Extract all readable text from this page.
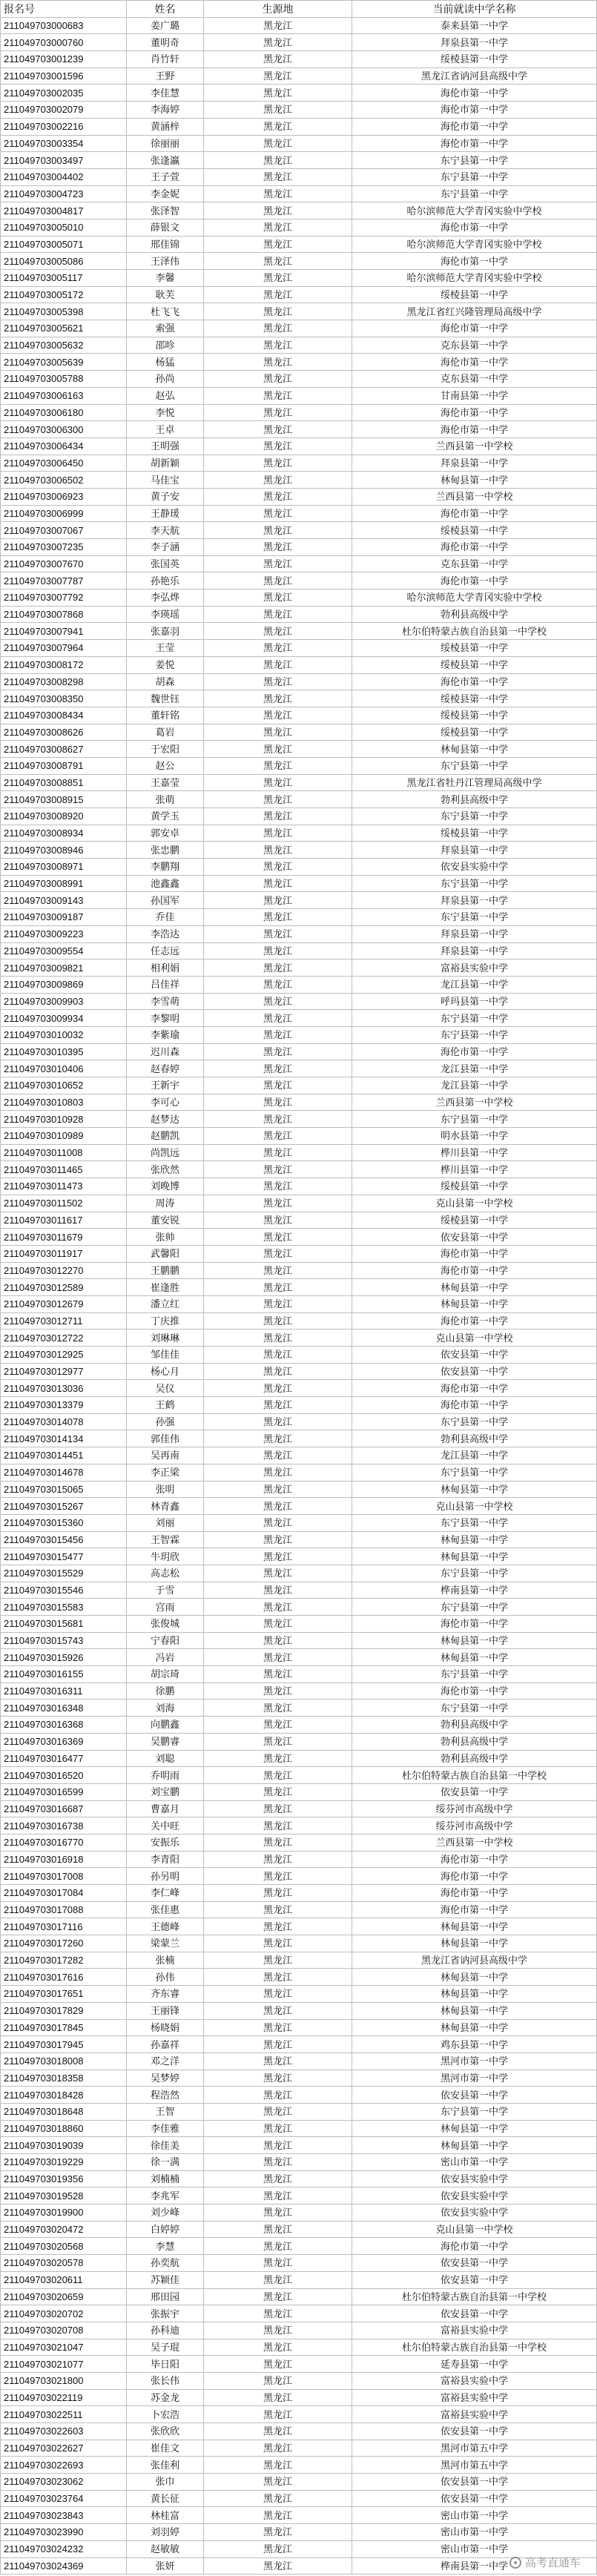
报名号	姓名	生源地	当前就读中学名称
211049703000683	姜广璐	黑龙江	泰来县第一中学
211049703000760	董明奇	黑龙江	拜泉县第一中学
211049703001239	肖竹轩	黑龙江	绥棱县第一中学
211049703001596	王野	黑龙江	黑龙江省讷河县高级中学
211049703002035	李佳慧	黑龙江	海伦市第一中学
211049703002079	李海婷	黑龙江	海伦市第一中学
211049703002216	黄涵梓	黑龙江	海伦市第一中学
211049703003354	徐丽丽	黑龙江	海伦市第一中学
211049703003497	张逢瀛	黑龙江	东宁县第一中学
211049703004402	王子萱	黑龙江	东宁县第一中学
211049703004723	李金妮	黑龙江	东宁县第一中学
211049703004817	张泽智	黑龙江	哈尔滨师范大学青冈实验中学校
211049703005010	薛银文	黑龙江	海伦市第一中学
211049703005071	邢佳锦	黑龙江	哈尔滨师范大学青冈实验中学校
211049703005086	王泽伟	黑龙江	海伦市第一中学
211049703005117	李馨	黑龙江	哈尔滨师范大学青冈实验中学校
211049703005172	耿芙	黑龙江	绥棱县第一中学
211049703005398	杜飞飞	黑龙江	黑龙江省红兴隆管理局高级中学
211049703005621	索强	黑龙江	海伦市第一中学
211049703005632	邵昣	黑龙江	克东县第一中学
211049703005639	杨猛	黑龙江	海伦市第一中学
211049703005788	孙尚	黑龙江	克东县第一中学
211049703006163	赵弘	黑龙江	甘南县第一中学
211049703006180	李悦	黑龙江	海伦市第一中学
211049703006300	王卓	黑龙江	海伦市第一中学
211049703006434	王明强	黑龙江	兰西县第一中学校
211049703006450	胡新颖	黑龙江	拜泉县第一中学
211049703006502	马佳宝	黑龙江	林甸县第一中学
211049703006923	黄子安	黑龙江	兰西县第一中学校
211049703006999	王静瑗	黑龙江	海伦市第一中学
211049703007067	李天航	黑龙江	绥棱县第一中学
211049703007235	李子涵	黑龙江	海伦市第一中学
211049703007670	张国英	黑龙江	克东县第一中学
211049703007787	孙艳乐	黑龙江	海伦市第一中学
211049703007792	李弘烨	黑龙江	哈尔滨师范大学青冈实验中学校
211049703007868	李瑛瑶	黑龙江	勃利县高级中学
211049703007941	张嘉羽	黑龙江	杜尔伯特蒙古族自治县第一中学校
211049703007964	王莹	黑龙江	绥棱县第一中学
211049703008172	姜悦	黑龙江	绥棱县第一中学
211049703008298	胡森	黑龙江	海伦市第一中学
211049703008350	魏世钰	黑龙江	绥棱县第一中学
211049703008434	董轩铭	黑龙江	绥棱县第一中学
211049703008626	葛岩	黑龙江	绥棱县第一中学
211049703008627	于宏阳	黑龙江	林甸县第一中学
211049703008791	赵公	黑龙江	东宁县第一中学
211049703008851	王嘉莹	黑龙江	黑龙江省牡丹江管理局高级中学
211049703008915	张萌	黑龙江	勃利县高级中学
211049703008920	黄学玉	黑龙江	东宁县第一中学
211049703008934	郭安卓	黑龙江	绥棱县第一中学
211049703008946	张忠鹏	黑龙江	拜泉县第一中学
211049703008971	李鹏翔	黑龙江	依安县实验中学
211049703008991	池鑫鑫	黑龙江	东宁县第一中学
211049703009143	孙国军	黑龙江	拜泉县第一中学
211049703009187	乔佳	黑龙江	东宁县第一中学
211049703009223	李浩达	黑龙江	拜泉县第一中学
211049703009554	任志远	黑龙江	拜泉县第一中学
211049703009821	相利娟	黑龙江	富裕县实验中学
211049703009869	吕佳祥	黑龙江	龙江县第一中学
211049703009903	李雪萌	黑龙江	呼玛县第一中学
211049703009934	李黎明	黑龙江	东宁县第一中学
211049703010032	李紫瑜	黑龙江	东宁县第一中学
211049703010395	迟川森	黑龙江	海伦市第一中学
211049703010406	赵春婷	黑龙江	龙江县第一中学
211049703010652	王新宇	黑龙江	龙江县第一中学
211049703010803	李可心	黑龙江	兰西县第一中学校
211049703010928	赵梦达	黑龙江	东宁县第一中学
211049703010989	赵鹏凯	黑龙江	明水县第一中学
211049703011008	尚凯远	黑龙江	桦川县第一中学
211049703011465	张欣然	黑龙江	桦川县第一中学
211049703011473	刘晚博	黑龙江	绥棱县第一中学
211049703011502	周涛	黑龙江	克山县第一中学校
211049703011617	董安锐	黑龙江	绥棱县第一中学
211049703011679	张帅	黑龙江	依安县第一中学
211049703011917	武馨阳	黑龙江	海伦市第一中学
211049703012270	王鹏鹏	黑龙江	海伦市第一中学
211049703012589	崔逢胜	黑龙江	林甸县第一中学
211049703012679	潘立红	黑龙江	林甸县第一中学
211049703012711	丁庆推	黑龙江	海伦市第一中学
211049703012722	刘琳琳	黑龙江	克山县第一中学校
211049703012925	邹佳佳	黑龙江	依安县第一中学
211049703012977	杨心月	黑龙江	依安县第一中学
211049703013036	吴仪	黑龙江	海伦市第一中学
211049703013379	王鹤	黑龙江	海伦市第一中学
211049703014078	孙强	黑龙江	东宁县第一中学
211049703014134	郭佳伟	黑龙江	勃利县高级中学
211049703014451	吴再南	黑龙江	龙江县第一中学
211049703014678	李正梁	黑龙江	东宁县第一中学
211049703015065	张明	黑龙江	林甸县第一中学
211049703015267	林青鑫	黑龙江	克山县第一中学校
211049703015360	刘丽	黑龙江	东宁县第一中学
211049703015456	王智霖	黑龙江	林甸县第一中学
211049703015477	牛玥欣	黑龙江	林甸县第一中学
211049703015529	高志松	黑龙江	东宁县第一中学
211049703015546	于雪	黑龙江	桦南县第一中学
211049703015583	宫雨	黑龙江	东宁县第一中学
211049703015681	张俊城	黑龙江	海伦市第一中学
211049703015743	宁春阳	黑龙江	林甸县第一中学
211049703015926	冯岩	黑龙江	林甸县第一中学
211049703016155	胡宗琦	黑龙江	东宁县第一中学
211049703016311	徐鹏	黑龙江	海伦市第一中学
211049703016348	刘海	黑龙江	东宁县第一中学
211049703016368	向鹏鑫	黑龙江	勃利县高级中学
211049703016369	吴鹏睿	黑龙江	勃利县高级中学
211049703016477	刘聪	黑龙江	勃利县高级中学
211049703016520	乔明雨	黑龙江	杜尔伯特蒙古族自治县第一中学校
211049703016599	刘宝鹏	黑龙江	依安县第一中学
211049703016687	曹嘉月	黑龙江	绥芬河市高级中学
211049703016738	关中旺	黑龙江	绥芬河市高级中学
211049703016770	安振乐	黑龙江	兰西县第一中学校
211049703016918	李青阳	黑龙江	海伦市第一中学
211049703017008	孙另明	黑龙江	海伦市第一中学
211049703017084	李仁峰	黑龙江	海伦市第一中学
211049703017088	张佳惠	黑龙江	海伦市第一中学
211049703017116	王德峰	黑龙江	林甸县第一中学
211049703017260	梁蒙兰	黑龙江	林甸县第一中学
211049703017282	张楠	黑龙江	黑龙江省讷河县高级中学
211049703017616	孙伟	黑龙江	林甸县第一中学
211049703017651	齐东睿	黑龙江	林甸县第一中学
211049703017829	王丽锋	黑龙江	林甸县第一中学
211049703017845	杨晓娟	黑龙江	林甸县第一中学
211049703017945	孙嘉祥	黑龙江	鸡东县第一中学
211049703018008	邓之洋	黑龙江	黑河市第一中学
211049703018358	吴梦婷	黑龙江	黑河市第一中学
211049703018428	程浩然	黑龙江	依安县第一中学
211049703018648	王智	黑龙江	东宁县第一中学
211049703018860	李佳雅	黑龙江	林甸县第一中学
211049703019039	徐佳美	黑龙江	林甸县第一中学
211049703019229	徐一满	黑龙江	密山市第一中学
211049703019356	刘楠楠	黑龙江	依安县实验中学
211049703019528	李兆军	黑龙江	依安县实验中学
211049703019900	刘少峰	黑龙江	依安县实验中学
211049703020472	白婷婷	黑龙江	克山县第一中学校
211049703020568	李慧	黑龙江	海伦市第一中学
211049703020578	孙奕航	黑龙江	依安县第一中学
211049703020611	苏颖佳	黑龙江	依安县第一中学
211049703020659	邢田园	黑龙江	杜尔伯特蒙古族自治县第一中学校
211049703020702	张振宇	黑龙江	依安县第一中学
211049703020708	孙科迪	黑龙江	富裕县实验中学
211049703021047	吴子琨	黑龙江	杜尔伯特蒙古族自治县第一中学校
211049703021077	毕日阳	黑龙江	延寿县第一中学
211049703021800	张长伟	黑龙江	富裕县实验中学
211049703022119	苏金龙	黑龙江	富裕县实验中学
211049703022511	卜宏浩	黑龙江	富裕县实验中学
211049703022603	张欣欣	黑龙江	依安县第一中学
211049703022627	崔佳文	黑龙江	黑河市第五中学
211049703022693	张佳利	黑龙江	黑河市第五中学
211049703023062	张巾	黑龙江	依安县第一中学
211049703023764	黄长征	黑龙江	依安县第一中学
211049703023843	林桂富	黑龙江	密山市第一中学
211049703023990	刘羽婷	黑龙江	密山市第一中学
211049703024232	赵敏敏	黑龙江	密山市第一中学
211049703024369	张妍	黑龙江	桦南县第一中学	高考直通车
